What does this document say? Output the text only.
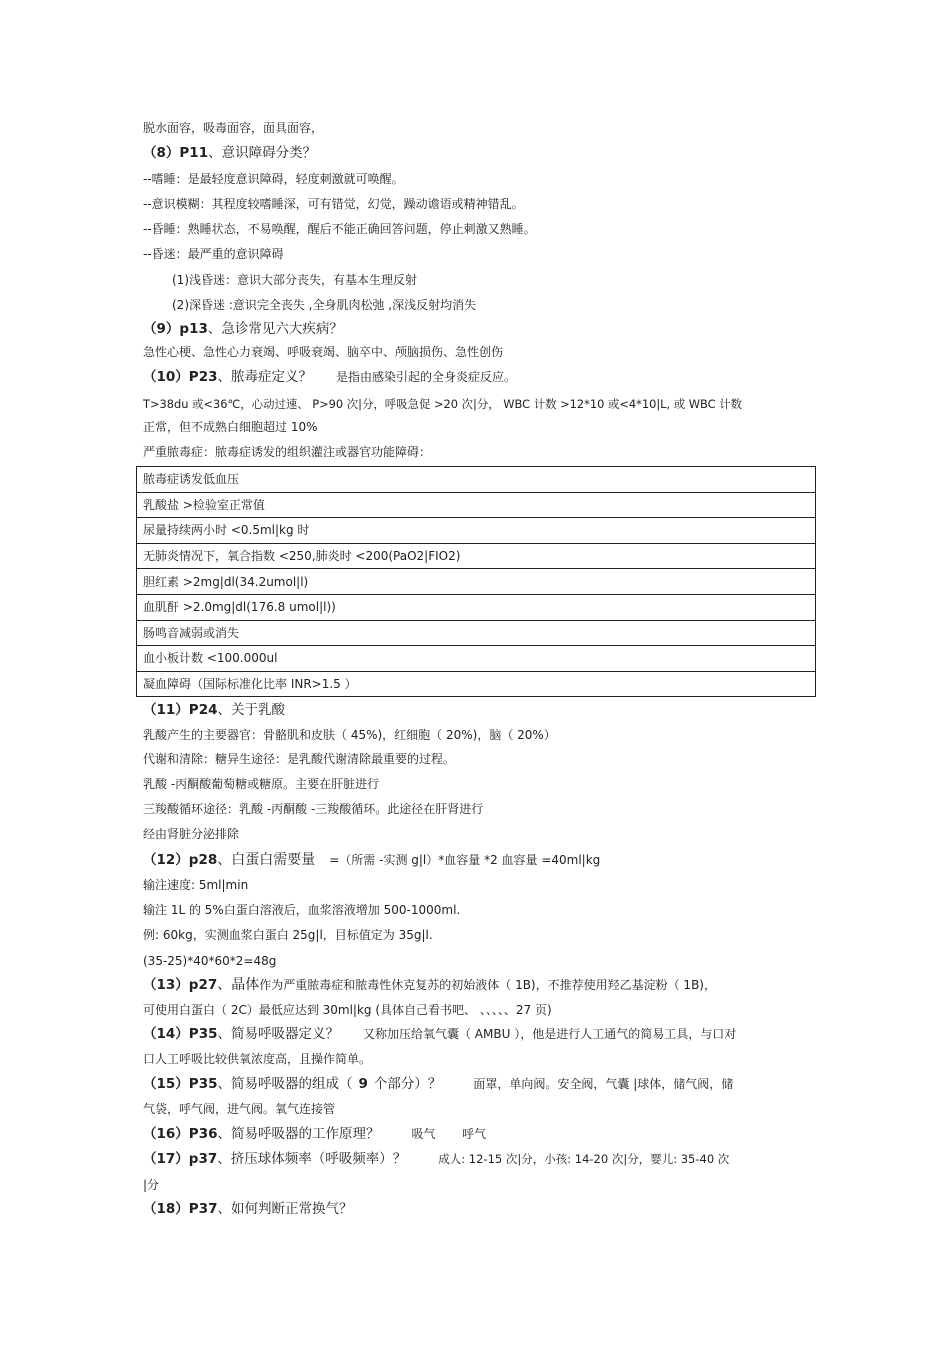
脱水面容，吸毒面容，面具面容，
（8）P11、意识障碍分类？
--嗜睡：是最轻度意识障碍，轻度刺激就可唤醒。
--意识模糊：其程度较嗜睡深，可有错觉，幻觉，躁动谵语或精神错乱。
--昏睡：熟睡状态，不易唤醒，醒后不能正确回答问题，停止刺激又熟睡。
--昏迷：最严重的意识障碍
(1)浅昏迷：意识大部分丧失，有基本生理反射
(2)深昏迷 :意识完全丧失 ,全身肌肉松弛 ,深浅反射均消失
（9）p13、急诊常见六大疾病？
急性心梗、急性心力衰竭、呼吸衰竭、脑卒中、颅脑损伤、急性创伤
（10）P23、脓毒症定义？ 是指由感染引起的全身炎症反应。
T>38du 或<36℃，心动过速、 P>90 次|分，呼吸急促 >20 次|分， WBC 计数 >12*10 或<4*10|L, 或 WBC 计数
正常，但不成熟白细胞超过 10%
严重脓毒症：脓毒症诱发的组织灌注或器官功能障碍：
脓毒症诱发低血压
乳酸盐 >检验室正常值
尿量持续两小时 <0.5ml|kg 时
无肺炎情况下，氧合指数 <250,肺炎时 <200(PaO2|FIO2)
胆红素 >2mg|dl(34.2umol|l)
血肌酐 >2.0mg|dl(176.8 umol|l))
肠鸣音减弱或消失
血小板计数 <100.000ul
凝血障碍（国际标准化比率 INR>1.5 ）
（11）P24、关于乳酸
乳酸产生的主要器官：骨骼肌和皮肤（ 45%)，红细胞（ 20%)，脑（ 20%）
代谢和清除：糖异生途径：是乳酸代谢清除最重要的过程。
乳酸 -丙酮酸葡萄糖或糖原。主要在肝脏进行
三羧酸循环途径：乳酸 -丙酮酸 -三羧酸循环。此途径在肝肾进行
经由肾脏分泌排除
（12）p28、白蛋白需要量 =（所需 -实测 g|l）*血容量 *2 血容量 =40ml|kg
输注速度: 5ml|min
输注 1L 的 5%白蛋白溶液后，血浆溶液增加 500-1000ml.
例: 60kg，实测血浆白蛋白 25g|l，目标值定为 35g|l.
(35-25)*40*60*2=48g
（13）p27、晶体作为严重脓毒症和脓毒性休克复苏的初始液体（ 1B)，不推荐使用羟乙基淀粉（ 1B)，
可使用白蛋白（ 2C）最低应达到 30ml|kg (具体自己看书吧、 、、、、、27 页)
（14）P35、简易呼吸器定义？ 又称加压给氧气囊（ AMBU ），他是进行人工通气的简易工具，与口对
口人工呼吸比较供氧浓度高，且操作简单。
（15）P35、简易呼吸器的组成（ 9 个部分）？	面罩，单向阀。安全阀，气囊 |球体，储气阀，储
气袋，呼气阀，进气阀。氧气连接管
（16）P36、简易呼吸器的工作原理？	吸气       呼气
（17）p37、挤压球体频率（呼吸频率）？	成人: 12-15 次|分，小孩: 14-20 次|分，婴儿: 35-40 次
|分
（18）P37、如何判断正常换气？
